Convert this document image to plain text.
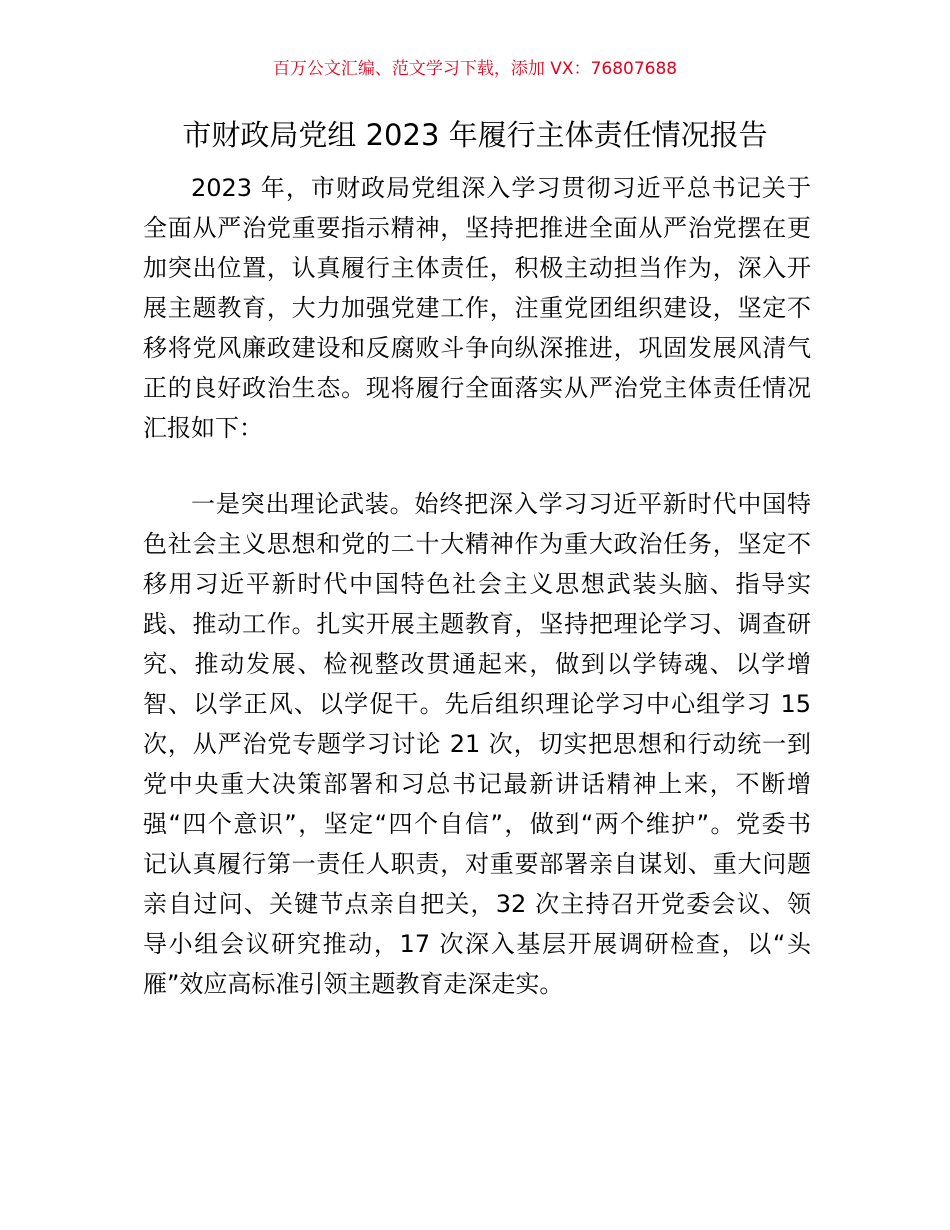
百万公文汇编、范文学习下载，添加 VX：76807688
市财政局党组 2023 年履行主体责任情况报告
2023 年，市财政局党组深入学习贯彻习近平总书记关于
全面从严治党重要指示精神，坚持把推进全面从严治党摆在更
加突出位置，认真履行主体责任，积极主动担当作为，深入开
展主题教育，大力加强党建工作，注重党团组织建设，坚定不
移将党风廉政建设和反腐败斗争向纵深推进，巩固发展风清气
正的良好政治生态。现将履行全面落实从严治党主体责任情况
汇报如下：
一是突出理论武装。始终把深入学习习近平新时代中国特
色社会主义思想和党的二十大精神作为重大政治任务，坚定不
移用习近平新时代中国特色社会主义思想武装头脑、指导实
践、推动工作。扎实开展主题教育，坚持把理论学习、调查研
究、推动发展、检视整改贯通起来，做到以学铸魂、以学增
智、以学正风、以学促干。先后组织理论学习中心组学习 15
次，从严治党专题学习讨论 21 次，切实把思想和行动统一到
党中央重大决策部署和习总书记最新讲话精神上来，不断增
强“四个意识”，坚定“四个自信”，做到“两个维护”。党委书
记认真履行第一责任人职责，对重要部署亲自谋划、重大问题
亲自过问、关键节点亲自把关，32 次主持召开党委会议、领
导小组会议研究推动，17 次深入基层开展调研检查，以“头
雁”效应高标准引领主题教育走深走实。
